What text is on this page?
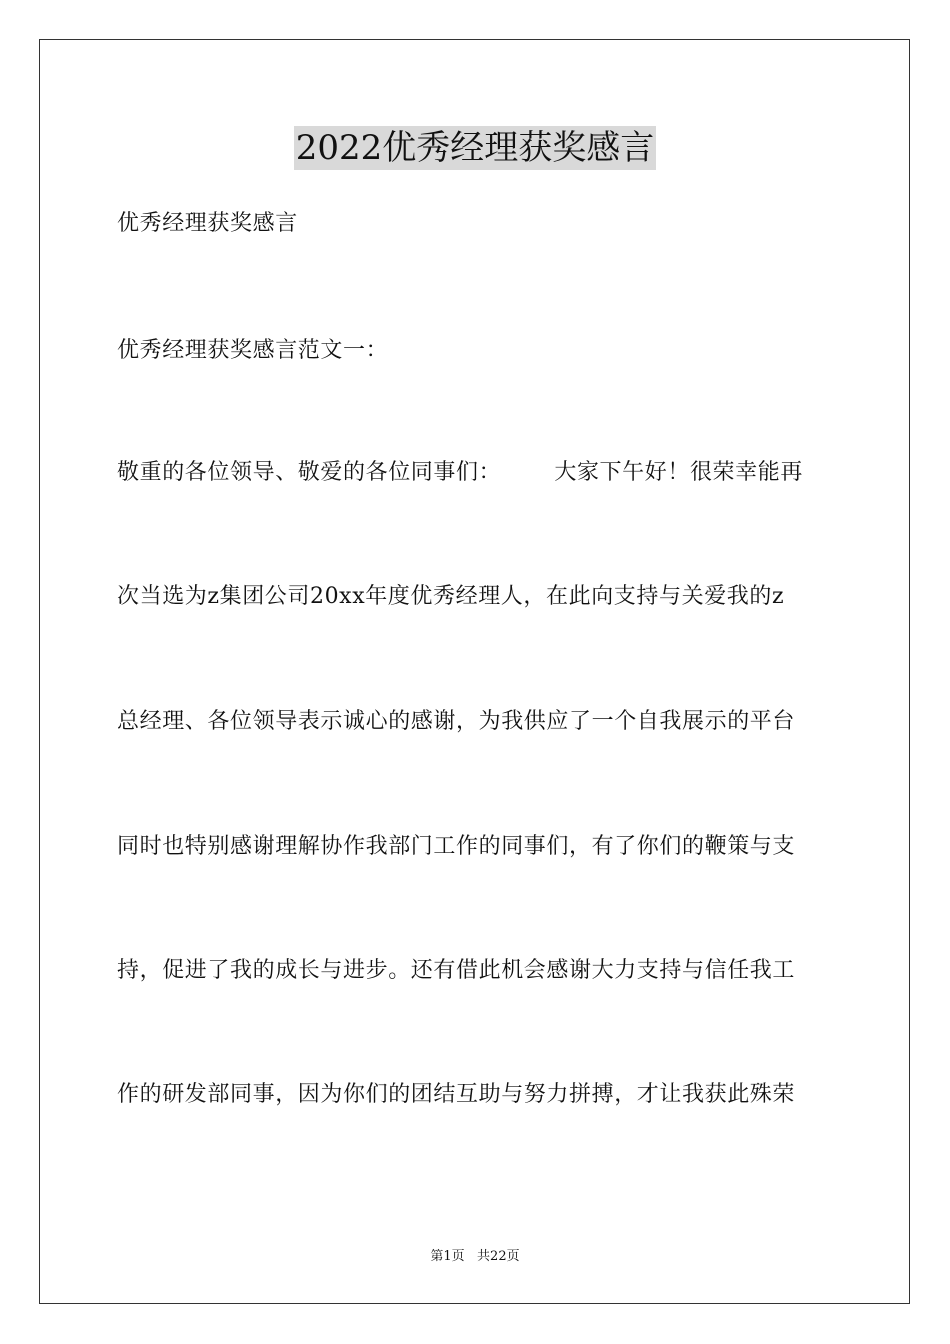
2022优秀经理获奖感言
优秀经理获奖感言
优秀经理获奖感言范文一：
敬重的各位领导、敬爱的各位同事们：       大家下午好！很荣幸能再
次当选为z集团公司20xx年度优秀经理人，在此向支持与关爱我的z
总经理、各位领导表示诚心的感谢，为我供应了一个自我展示的平台
同时也特别感谢理解协作我部门工作的同事们，有了你们的鞭策与支
持，促进了我的成长与进步。还有借此机会感谢大力支持与信任我工
作的研发部同事，因为你们的团结互助与努力拼搏，才让我获此殊荣
第1页   共22页
